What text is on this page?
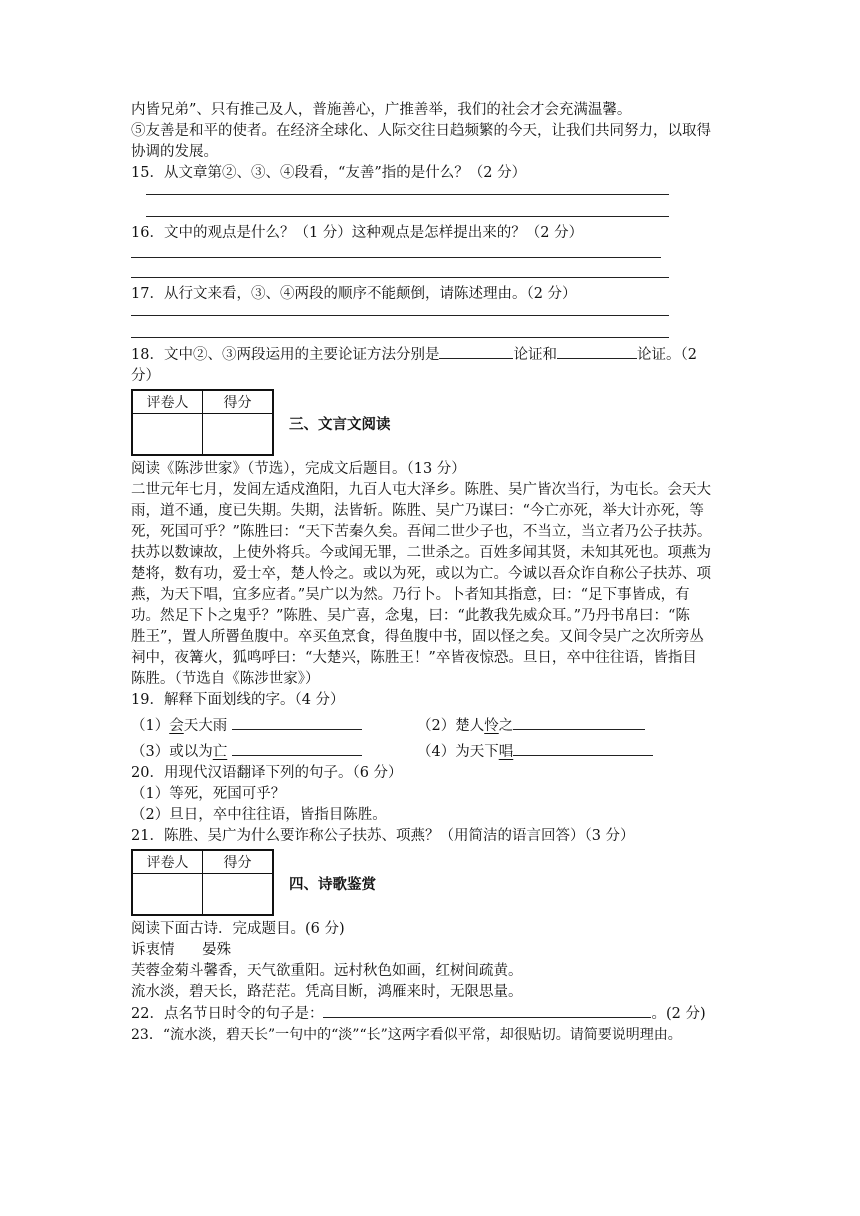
内皆兄弟”、只有推己及人，普施善心，广推善举，我们的社会才会充满温馨。

⑤友善是和平的使者。在经济全球化、人际交往日趋频繁的今天，让我们共同努力，以取得

协调的发展。

15．从文章第②、③、④段看，“友善”指的是什么？（2 分）

16．文中的观点是什么？（1 分）这种观点是怎样提出来的？（2 分）

17．从行文来看，③、④两段的顺序不能颠倒，请陈述理由。（2 分）

18．文中②、③两段运用的主要论证方法分别是	论证和	论证。（2

分）

评卷人	得分

三、文言文阅读

阅读《陈涉世家》（节选），完成文后题目。（13 分）

二世元年七月，发闾左适戍渔阳，九百人屯大泽乡。陈胜、吴广皆次当行，为屯长。会天大

雨，道不通，度已失期。失期，法皆斩。陈胜、吴广乃谋曰：“今亡亦死，举大计亦死，等

死，死国可乎？”陈胜曰：“天下苦秦久矣。吾闻二世少子也，不当立，当立者乃公子扶苏。

扶苏以数谏故，上使外将兵。今或闻无罪，二世杀之。百姓多闻其贤，未知其死也。项燕为

楚将，数有功，爱士卒，楚人怜之。或以为死，或以为亡。今诚以吾众诈自称公子扶苏、项

燕，为天下唱，宜多应者。”吴广以为然。乃行卜。卜者知其指意，曰：“足下事皆成，有

功。然足下卜之鬼乎？”陈胜、吴广喜，念鬼，曰：“此教我先威众耳。”乃丹书帛曰：“陈

胜王”，置人所罾鱼腹中。卒买鱼烹食，得鱼腹中书，固以怪之矣。又间令吴广之次所旁丛

祠中，夜篝火，狐鸣呼曰：“大楚兴，陈胜王！”卒皆夜惊恐。旦日，卒中往往语，皆指目

陈胜。（节选自《陈涉世家》）

19．解释下面划线的字。（4 分）

（1）会天大雨	（2）楚人怜之
（3）或以为亡	（4）为天下唱

20．用现代汉语翻译下列的句子。（6 分）

（1）等死，死国可乎？

（2）旦日，卒中往往语，皆指目陈胜。

21．陈胜、吴广为什么要诈称公子扶苏、项燕？（用简洁的语言回答）（3 分）

评卷人	得分

四、诗歌鉴赏

阅读下面古诗．完成题目。(6 分)

诉衷情      晏殊

芙蓉金菊斗馨香，天气欲重阳。远村秋色如画，红树间疏黄。

流水淡，碧天长，路茫茫。凭高目断，鸿雁来时，无限思量。

22．点名节日时令的句子是：	。(2 分)

23．“流水淡，碧天长”一句中的“淡”“长”这两字看似平常，却很贴切。请简要说明理由。
